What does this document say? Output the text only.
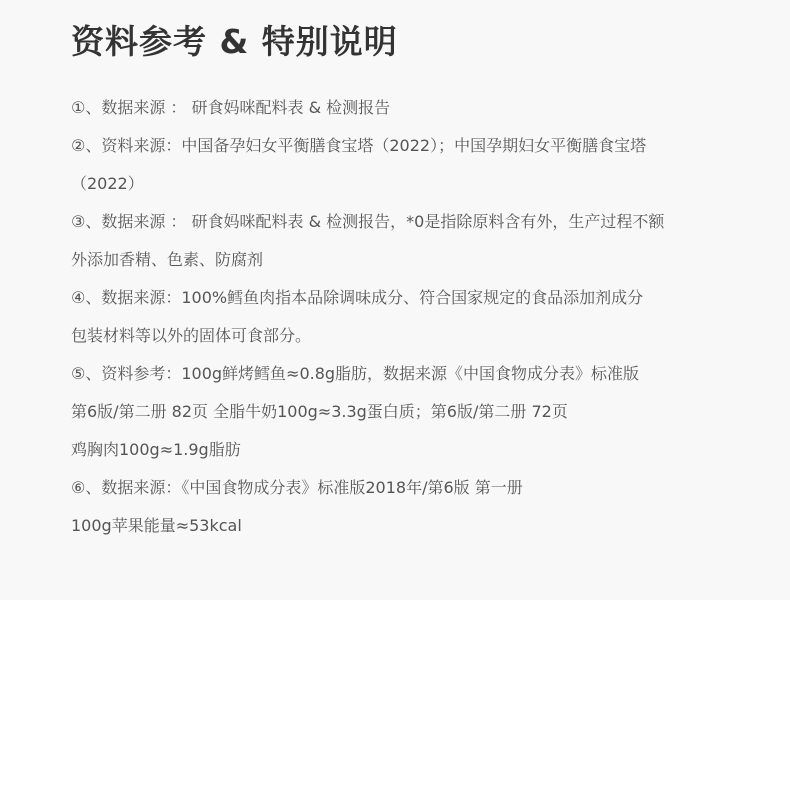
资料参考 & 特别说明
①、数据来源 ： 研食妈咪配料表 & 检测报告
②、资料来源：中国备孕妇女平衡膳食宝塔（2022）；中国孕期妇女平衡膳食宝塔
（2022）
③、数据来源 ： 研食妈咪配料表 & 检测报告，*0是指除原料含有外，生产过程不额
外添加香精、色素、防腐剂
④、数据来源：100%鳕鱼肉指本品除调味成分、符合国家规定的食品添加剂成分
包装材料等以外的固体可食部分。
⑤、资料参考：100g鲜烤鳕鱼≈0.8g脂肪，数据来源《中国食物成分表》标准版
第6版/第二册 82页 全脂牛奶100g≈3.3g蛋白质；第6版/第二册 72页
鸡胸肉100g≈1.9g脂肪
⑥、数据来源：《中国食物成分表》标准版2018年/第6版 第一册
100g苹果能量≈53kcal
